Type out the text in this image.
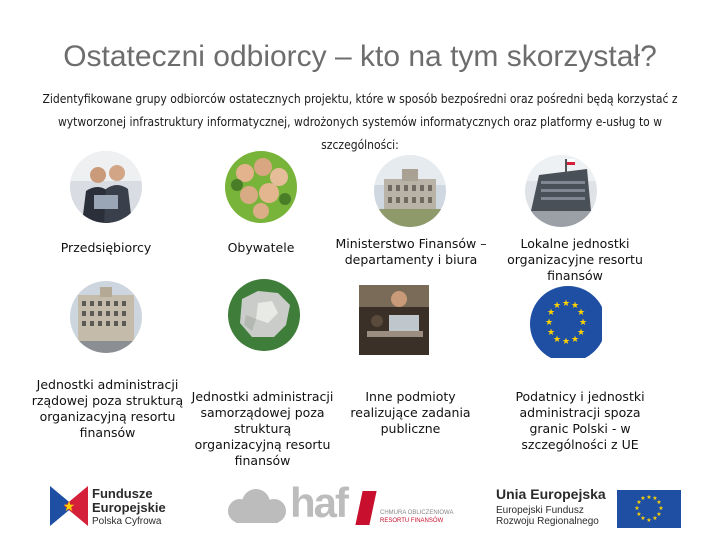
Ostateczni odbiorcy – kto na tym skorzystał?
Zidentyfikowane grupy odbiorców ostatecznych projektu, które w sposób bezpośredni oraz pośredni będą korzystać z wytworzonej infrastruktury informatycznej, wdrożonych systemów informatycznych oraz platformy e-usług to w szczególności:
Przedsiębiorcy	Obywatele	Ministerstwo Finansów – departamenty i biura
Lokalne jednostki organizacyjne resortu finansów
★ ★
★
★
★
★
★
★
★
★
★
★
Jednostki administracji rządowej poza strukturą organizacyjną resortu finansów
Jednostki administracji samorządowej poza strukturą organizacyjną resortu finansów
Inne podmioty realizujące zadania publiczne
Podatnicy i jednostki administracji spoza granic Polski - w szczególności z UE
★
Fundusze
Europejskie
Polska Cyfrowa	haf	CHMURA OBLICZENIOWA
RESORTU FINANSÓW
Unia Europejska
Europejski Fundusz
Rozwoju Regionalnego
★ ★
★
★
★
★
★
★
★
★
★
★
